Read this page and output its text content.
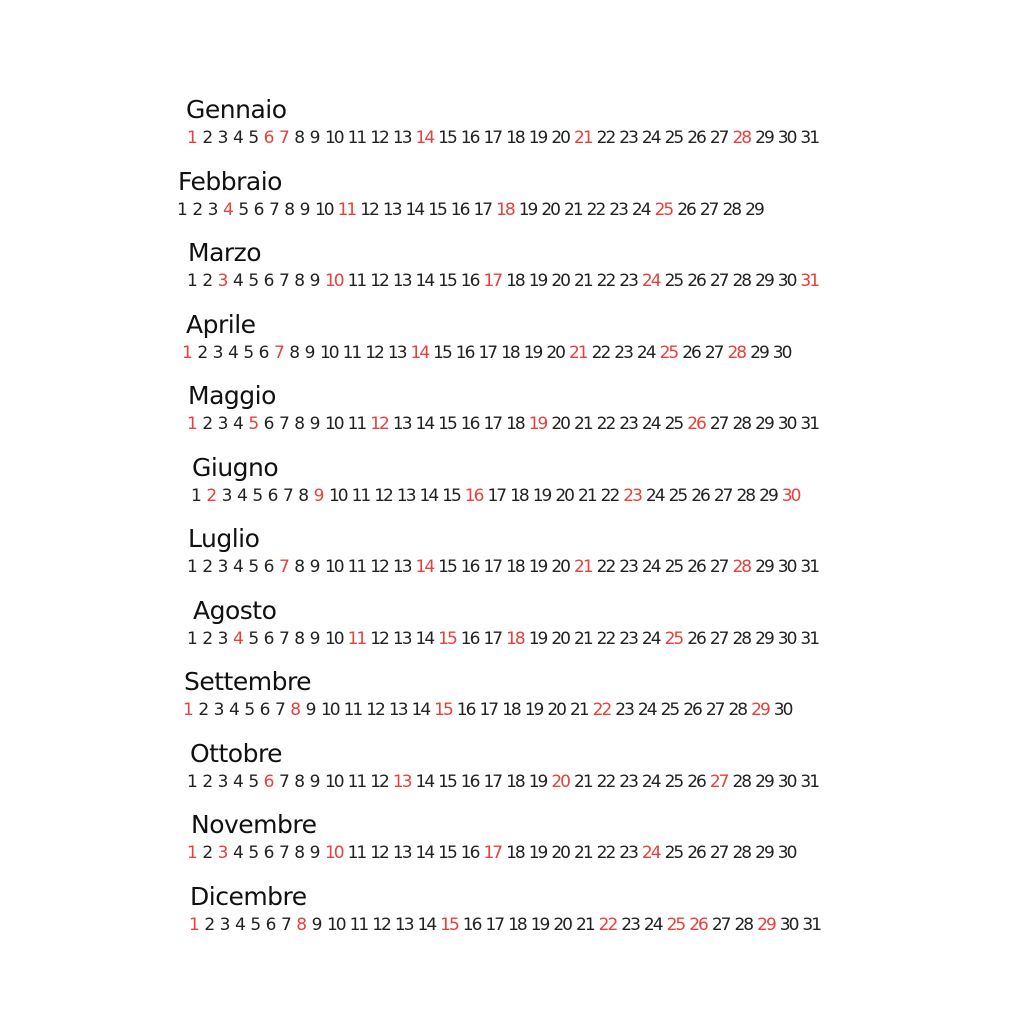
Gennaio
1 2 3 4 5 6 7 8 9 10 11 12 13 14 15 16 17 18 19 20 21 22 23 24 25 26 27 28 29 30 31
Febbraio
1 2 3 4 5 6 7 8 9 10 11 12 13 14 15 16 17 18 19 20 21 22 23 24 25 26 27 28 29
Marzo
1 2 3 4 5 6 7 8 9 10 11 12 13 14 15 16 17 18 19 20 21 22 23 24 25 26 27 28 29 30 31
Aprile
1 2 3 4 5 6 7 8 9 10 11 12 13 14 15 16 17 18 19 20 21 22 23 24 25 26 27 28 29 30
Maggio
1 2 3 4 5 6 7 8 9 10 11 12 13 14 15 16 17 18 19 20 21 22 23 24 25 26 27 28 29 30 31
Giugno
1 2 3 4 5 6 7 8 9 10 11 12 13 14 15 16 17 18 19 20 21 22 23 24 25 26 27 28 29 30
Luglio
1 2 3 4 5 6 7 8 9 10 11 12 13 14 15 16 17 18 19 20 21 22 23 24 25 26 27 28 29 30 31
Agosto
1 2 3 4 5 6 7 8 9 10 11 12 13 14 15 16 17 18 19 20 21 22 23 24 25 26 27 28 29 30 31
Settembre
1 2 3 4 5 6 7 8 9 10 11 12 13 14 15 16 17 18 19 20 21 22 23 24 25 26 27 28 29 30
Ottobre
1 2 3 4 5 6 7 8 9 10 11 12 13 14 15 16 17 18 19 20 21 22 23 24 25 26 27 28 29 30 31
Novembre
1 2 3 4 5 6 7 8 9 10 11 12 13 14 15 16 17 18 19 20 21 22 23 24 25 26 27 28 29 30
Dicembre
1 2 3 4 5 6 7 8 9 10 11 12 13 14 15 16 17 18 19 20 21 22 23 24 25 26 27 28 29 30 31
